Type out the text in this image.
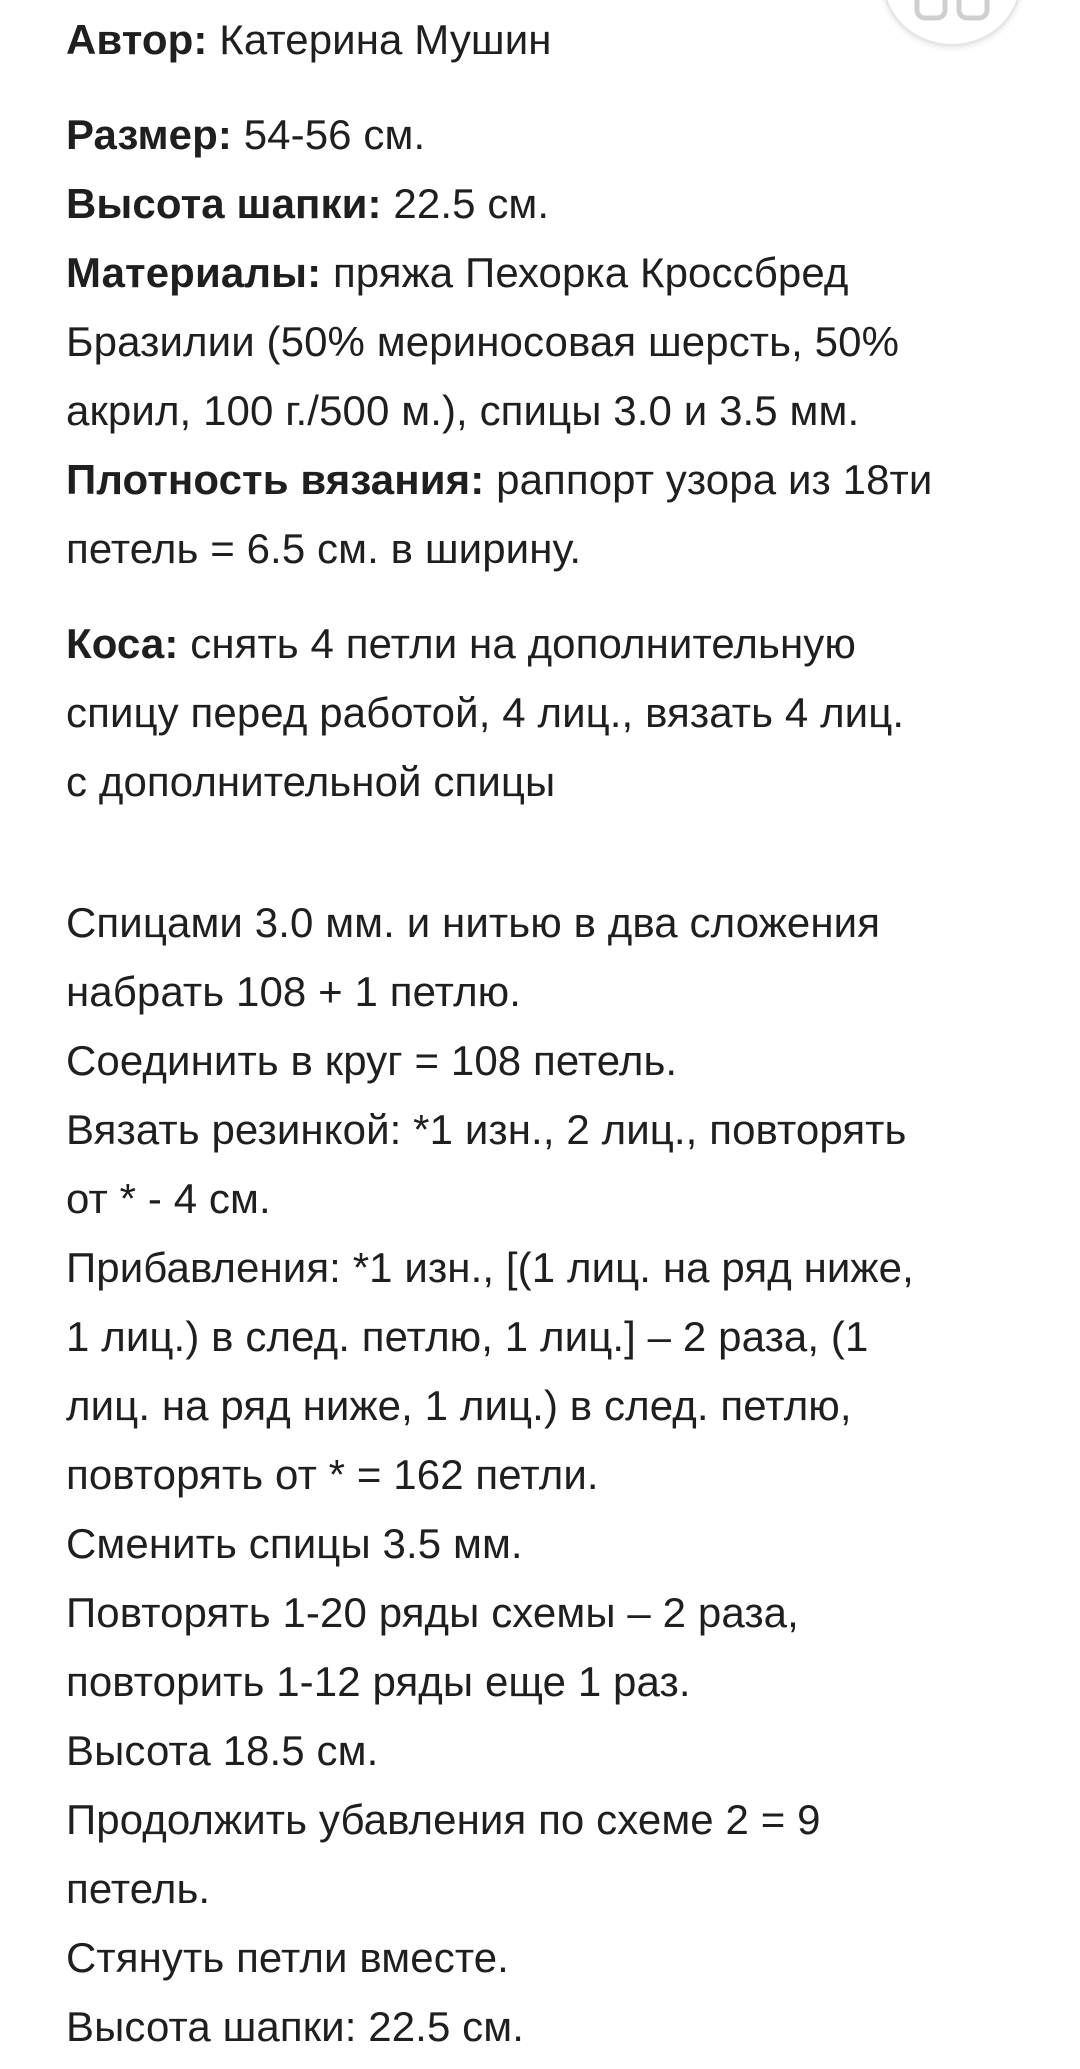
Автор: Катерина Мушин
Размер: 54-56 см.
Высота шапки: 22.5 см.
Материалы: пряжа Пехорка Кроссбред
Бразилии (50% мериносовая шерсть, 50%
акрил, 100 г./500 м.), спицы 3.0 и 3.5 мм.
Плотность вязания: раппорт узора из 18ти
петель = 6.5 см. в ширину.
Коса: снять 4 петли на дополнительную
спицу перед работой, 4 лиц., вязать 4 лиц.
с дополнительной спицы
Спицами 3.0 мм. и нитью в два сложения
набрать 108 + 1 петлю.
Соединить в круг = 108 петель.
Вязать резинкой: *1 изн., 2 лиц., повторять
от * - 4 см.
Прибавления: *1 изн., [(1 лиц. на ряд ниже,
1 лиц.) в след. петлю, 1 лиц.] – 2 раза, (1
лиц. на ряд ниже, 1 лиц.) в след. петлю,
повторять от * = 162 петли.
Сменить спицы 3.5 мм.
Повторять 1-20 ряды схемы – 2 раза,
повторить 1-12 ряды еще 1 раз.
Высота 18.5 см.
Продолжить убавления по схеме 2 = 9
петель.
Стянуть петли вместе.
Высота шапки: 22.5 см.
